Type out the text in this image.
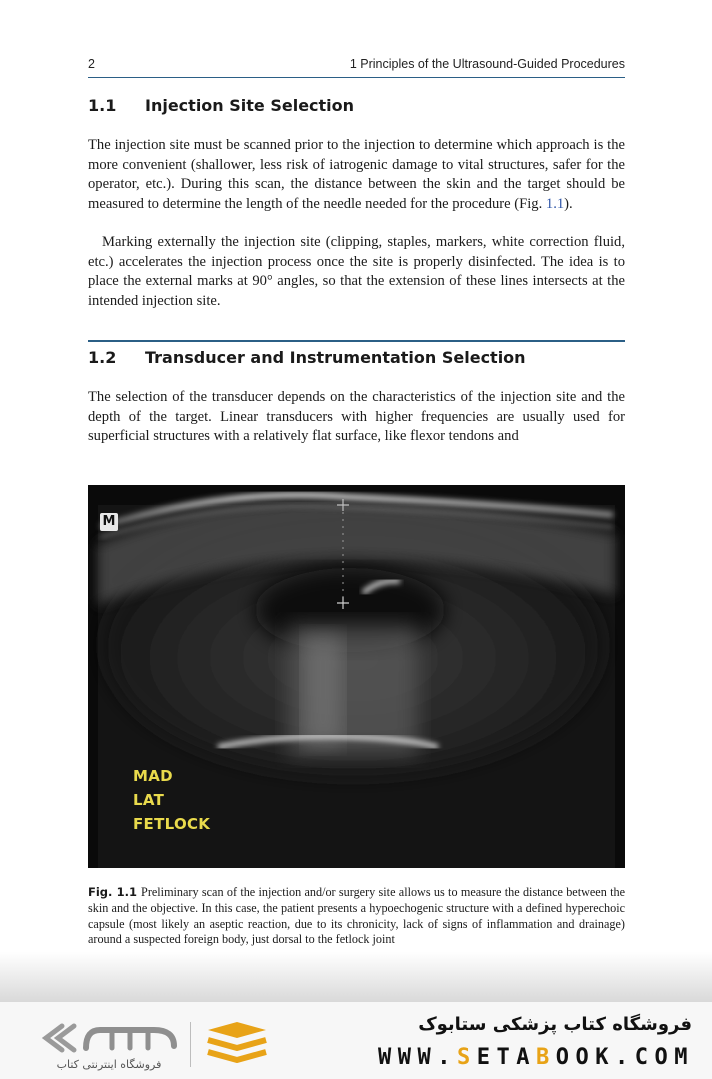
2	1 Principles of the Ultrasound-Guided Procedures
1.1 Injection Site Selection

The injection site must be scanned prior to the injection to determine which approach is the more convenient (shallower, less risk of iatrogenic damage to vital structures, safer for the operator, etc.). During this scan, the distance between the skin and the target should be measured to determine the length of the needle needed for the procedure (Fig. 1.1).

Marking externally the injection site (clipping, staples, markers, white correction fluid, etc.) accelerates the injection process once the site is properly disinfected. The idea is to place the external marks at 90° angles, so that the extension of these lines intersects at the intended injection site.

1.2 Transducer and Instrumentation Selection

The selection of the transducer depends on the characteristics of the injection site and the depth of the target. Linear transducers with higher frequencies are usually used for superficial structures with a relatively flat surface, like flexor tendons and

M
MAD
LAT
FETLOCK

Fig. 1.1 Preliminary scan of the injection and/or surgery site allows us to measure the distance between the skin and the objective. In this case, the patient presents a hypoechogenic structure with a defined hyperechoic capsule (most likely an aseptic reaction, due to its chronicity, lack of signs of inflammation and drainage) around a suspected foreign body, just dorsal to the fetlock joint

فروشگاه اینترنتی کتاب
فروشگاه کتاب پزشکی ستابوک
WWW.SETABOOK.COM
